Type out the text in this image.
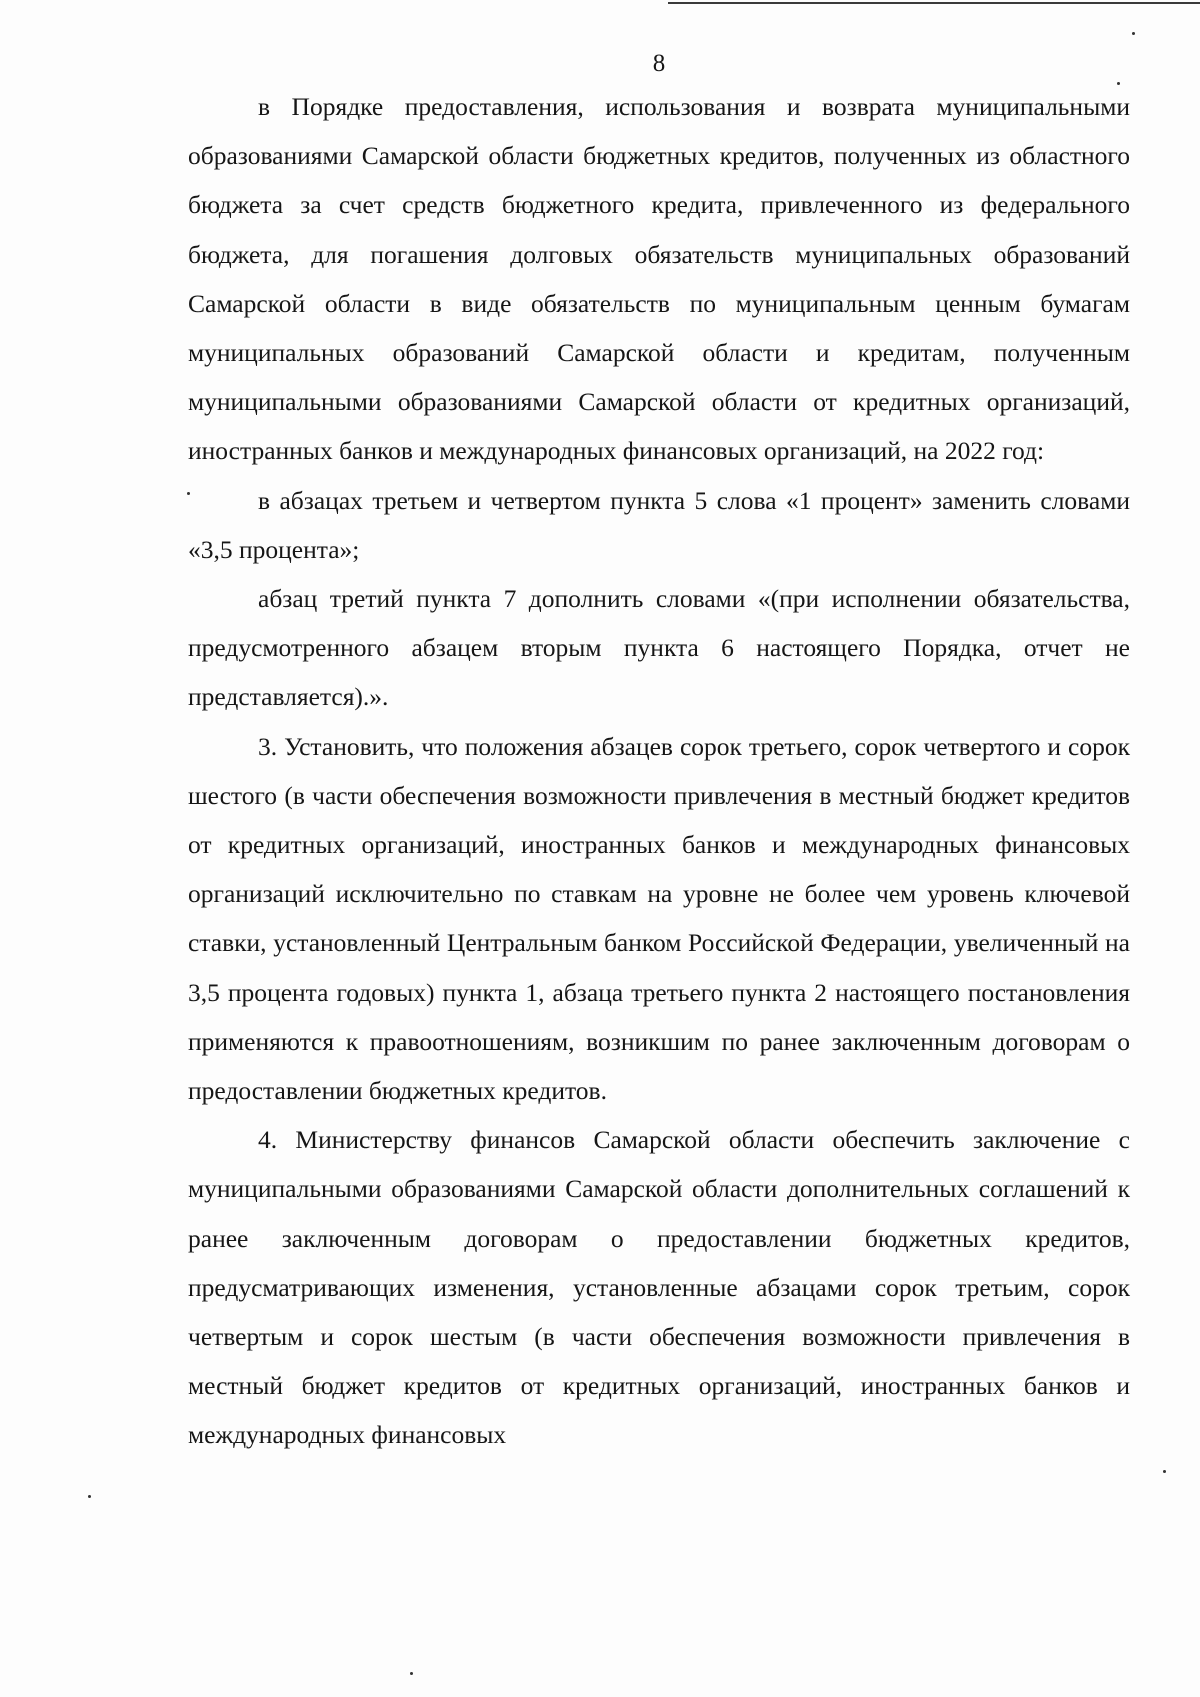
8

в Порядке предоставления, использования и возврата муниципальными образованиями Самарской области бюджетных кредитов, полученных из областного бюджета за счет средств бюджетного кредита, привлеченного из федерального бюджета, для погашения долговых обязательств муниципальных образований Самарской области в виде обязательств по муниципальным ценным бумагам муниципальных образований Самарской области и кредитам, полученным муниципальными образованиями Самарской области от кредитных организаций, иностранных банков и международных финансовых организаций, на 2022 год:

в абзацах третьем и четвертом пункта 5 слова «1 процент» заменить словами «3,5 процента»;

абзац третий пункта 7 дополнить словами «(при исполнении обязательства, предусмотренного абзацем вторым пункта 6 настоящего Порядка, отчет не представляется).».

3. Установить, что положения абзацев сорок третьего, сорок четвертого и сорок шестого (в части обеспечения возможности привлечения в местный бюджет кредитов от кредитных организаций, иностранных банков и международных финансовых организаций исключительно по ставкам на уровне не более чем уровень ключевой ставки, установленный Центральным банком Российской Федерации, увеличенный на 3,5 процента годовых) пункта 1, абзаца третьего пункта 2 настоящего постановления применяются к правоотношениям, возникшим по ранее заключенным договорам о предоставлении бюджетных кредитов.

4. Министерству финансов Самарской области обеспечить заключение с муниципальными образованиями Самарской области дополнительных соглашений к ранее заключенным договорам о предоставлении бюджетных кредитов, предусматривающих изменения, установленные абзацами сорок третьим, сорок четвертым и сорок шестым (в части обеспечения возможности привлечения в местный бюджет кредитов от кредитных организаций, иностранных банков и международных финансовых
